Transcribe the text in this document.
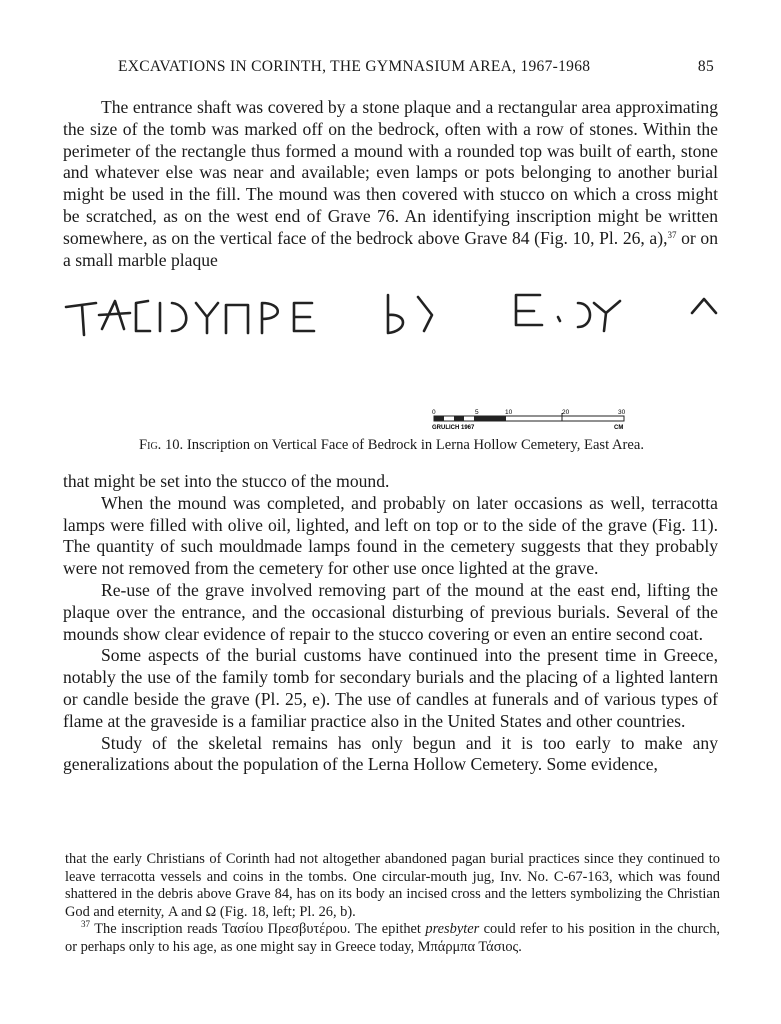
EXCAVATIONS IN CORINTH, THE GYMNASIUM AREA, 1967-1968	85

The entrance shaft was covered by a stone plaque and a rectangular area approximating the size of the tomb was marked off on the bedrock, often with a row of stones. Within the perimeter of the rectangle thus formed a mound with a rounded top was built of earth, stone and whatever else was near and available; even lamps or pots belonging to another burial might be used in the fill. The mound was then covered with stucco on which a cross might be scratched, as on the west end of Grave 76. An identifying inscription might be written somewhere, as on the vertical face of the bedrock above Grave 84 (Fig. 10, Pl. 26, a),$^{37}$ or on a small marble plaque

0	5	10	20	30
GRULICH 1967	CM
Fig. 10. Inscription on Vertical Face of Bedrock in Lerna Hollow Cemetery, East Area.

that might be set into the stucco of the mound.

When the mound was completed, and probably on later occasions as well, terracotta lamps were filled with olive oil, lighted, and left on top or to the side of the grave (Fig. 11). The quantity of such mouldmade lamps found in the cemetery suggests that they probably were not removed from the cemetery for other use once lighted at the grave.

Re-use of the grave involved removing part of the mound at the east end, lifting the plaque over the entrance, and the occasional disturbing of previous burials. Several of the mounds show clear evidence of repair to the stucco covering or even an entire second coat.

Some aspects of the burial customs have continued into the present time in Greece, notably the use of the family tomb for secondary burials and the placing of a lighted lantern or candle beside the grave (Pl. 25, e). The use of candles at funerals and of various types of flame at the graveside is a familiar practice also in the United States and other countries.

Study of the skeletal remains has only begun and it is too early to make any generalizations about the population of the Lerna Hollow Cemetery. Some evidence,

that the early Christians of Corinth had not altogether abandoned pagan burial practices since they continued to leave terracotta vessels and coins in the tombs. One circular-mouth jug, Inv. No. C-67-163, which was found shattered in the debris above Grave 84, has on its body an incised cross and the letters symbolizing the Christian God and eternity, Α and Ω (Fig. 18, left; Pl. 26, b).

$^{37}$ The inscription reads Τασίου Πρεσβυτέρου. The epithet presbyter could refer to his position in the church, or perhaps only to his age, as one might say in Greece today, Μπάρμπα Τάσιος.
